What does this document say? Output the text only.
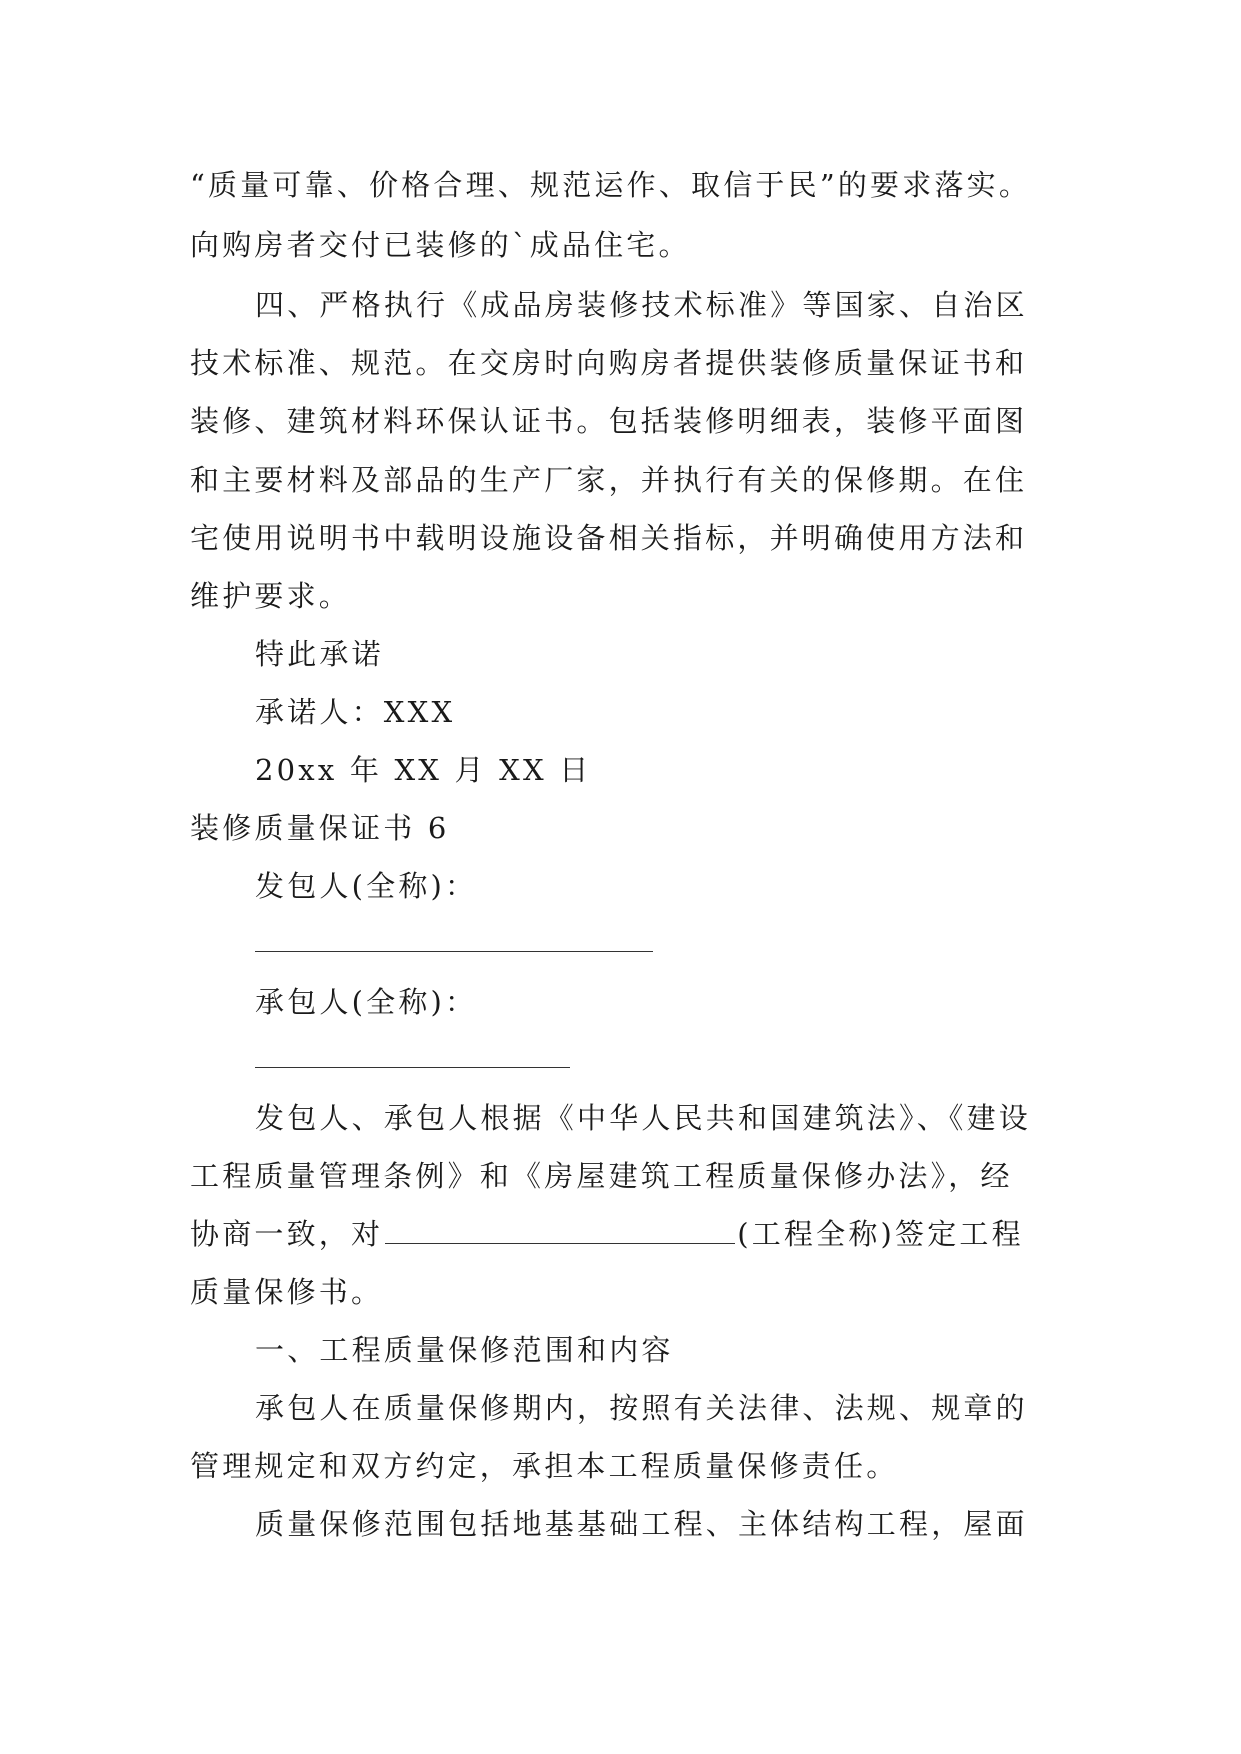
“质量可靠、价格合理、规范运作、取信于民”的要求落实。
向购房者交付已装修的`成品住宅。
四、严格执行《成品房装修技术标准》等国家、自治区
技术标准、规范。在交房时向购房者提供装修质量保证书和
装修、建筑材料环保认证书。包括装修明细表，装修平面图
和主要材料及部品的生产厂家，并执行有关的保修期。在住
宅使用说明书中载明设施设备相关指标，并明确使用方法和
维护要求。
特此承诺
承诺人：XXX
20xx 年 XX 月 XX 日
装修质量保证书 6
发包人(全称)：
承包人(全称)：
发包人、承包人根据《中华人民共和国建筑法》、《建设
工程质量管理条例》和《房屋建筑工程质量保修办法》，经
协商一致，对	(工程全称)签定工程
质量保修书。
一、工程质量保修范围和内容
承包人在质量保修期内，按照有关法律、法规、规章的
管理规定和双方约定，承担本工程质量保修责任。
质量保修范围包括地基基础工程、主体结构工程，屋面
